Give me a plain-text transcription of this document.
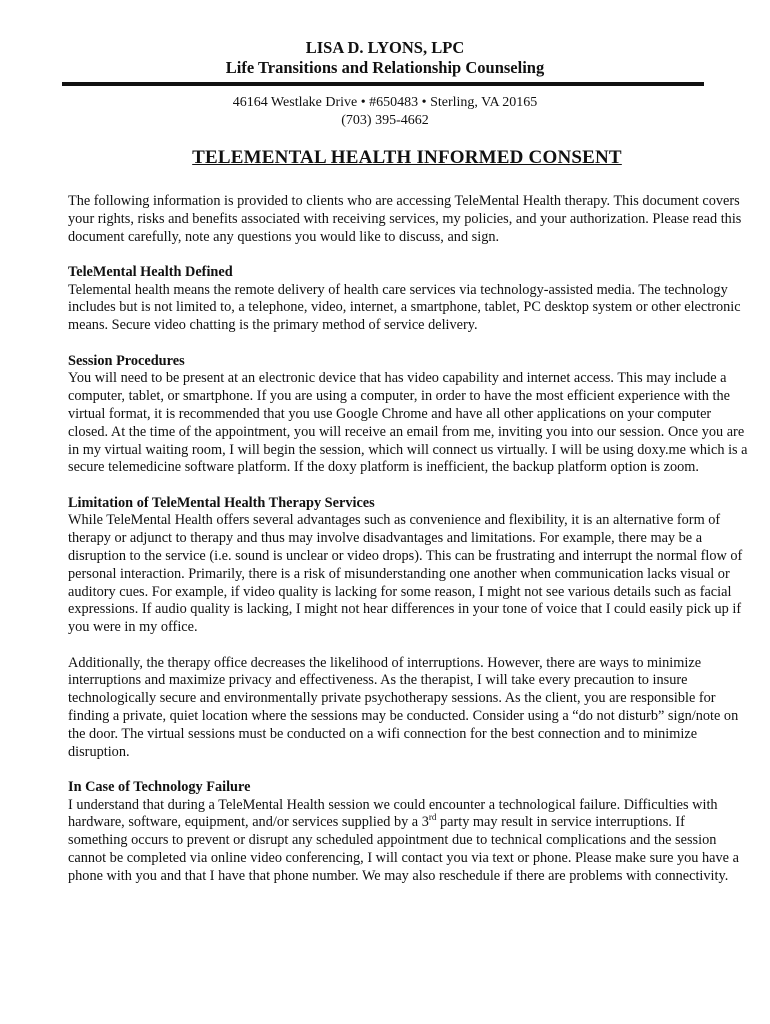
LISA D. LYONS, LPC
Life Transitions and Relationship Counseling
46164 Westlake Drive • #650483 • Sterling, VA 20165
(703) 395-4662
TELEMENTAL HEALTH INFORMED CONSENT

The following information is provided to clients who are accessing TeleMental Health therapy. This document covers your rights, risks and benefits associated with receiving services, my policies, and your authorization. Please read this document carefully, note any questions you would like to discuss, and sign.

TeleMental Health Defined

Telemental health means the remote delivery of health care services via technology-assisted media. The technology includes but is not limited to, a telephone, video, internet, a smartphone, tablet, PC desktop system or other electronic means. Secure video chatting is the primary method of service delivery.

Session Procedures

You will need to be present at an electronic device that has video capability and internet access. This may include a computer, tablet, or smartphone. If you are using a computer, in order to have the most efficient experience with the virtual format, it is recommended that you use Google Chrome and have all other applications on your computer closed. At the time of the appointment, you will receive an email from me, inviting you into our session. Once you are in my virtual waiting room, I will begin the session, which will connect us virtually. I will be using doxy.me which is a secure telemedicine software platform. If the doxy platform is inefficient, the backup platform option is zoom.

Limitation of TeleMental Health Therapy Services

While TeleMental Health offers several advantages such as convenience and flexibility, it is an alternative form of therapy or adjunct to therapy and thus may involve disadvantages and limitations. For example, there may be a disruption to the service (i.e. sound is unclear or video drops). This can be frustrating and interrupt the normal flow of personal interaction. Primarily, there is a risk of misunderstanding one another when communication lacks visual or auditory cues. For example, if video quality is lacking for some reason, I might not see various details such as facial expressions. If audio quality is lacking, I might not hear differences in your tone of voice that I could easily pick up if you were in my office.

Additionally, the therapy office decreases the likelihood of interruptions. However, there are ways to minimize interruptions and maximize privacy and effectiveness. As the therapist, I will take every precaution to insure technologically secure and environmentally private psychotherapy sessions. As the client, you are responsible for finding a private, quiet location where the sessions may be conducted. Consider using a “do not disturb” sign/note on the door. The virtual sessions must be conducted on a wifi connection for the best connection and to minimize disruption.

In Case of Technology Failure

I understand that during a TeleMental Health session we could encounter a technological failure. Difficulties with hardware, software, equipment, and/or services supplied by a 3rd party may result in service interruptions. If something occurs to prevent or disrupt any scheduled appointment due to technical complications and the session cannot be completed via online video conferencing, I will contact you via text or phone. Please make sure you have a phone with you and that I have that phone number. We may also reschedule if there are problems with connectivity.
